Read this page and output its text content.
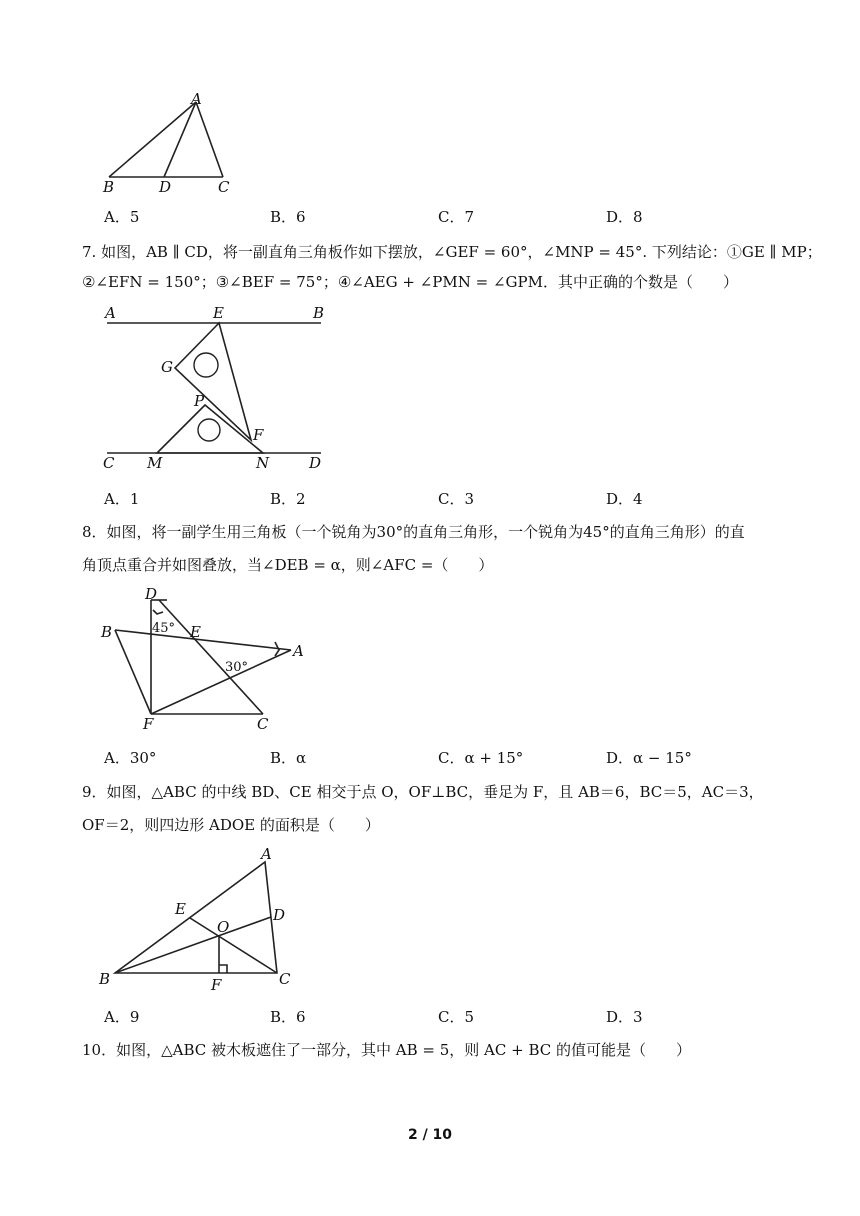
A
B	D	C
A．5	B．6	C．7	D．8
7. 如图，AB ∥ CD，将一副直角三角板作如下摆放，∠GEF = 60°，∠MNP = 45°. 下列结论：①GE ∥ MP；
②∠EFN = 150°；③∠BEF = 75°；④∠AEG + ∠PMN = ∠GPM．其中正确的个数是（　　）
A	E	B
G
P
F
C M	N	D
A．1	B．2	C．3	D．4
8．如图，将一副学生用三角板（一个锐角为30°的直角三角形，一个锐角为45°的直角三角形）的直
角顶点重合并如图叠放，当∠DEB = α，则∠AFC =（　　）
D
45° E
B
A
30°
F	C
A．30°	B．α	C．α + 15°	D．α − 15°
9．如图，△ABC 的中线 BD、CE 相交于点 O，OF⊥BC，垂足为 F，且 AB＝6，BC＝5，AC＝3，
OF＝2，则四边形 ADOE 的面积是（　　）
A
E	D
O
B	F	C
A．9	B．6	C．5	D．3
10．如图，△ABC 被木板遮住了一部分，其中 AB = 5，则 AC + BC 的值可能是（　　）
2 / 10
